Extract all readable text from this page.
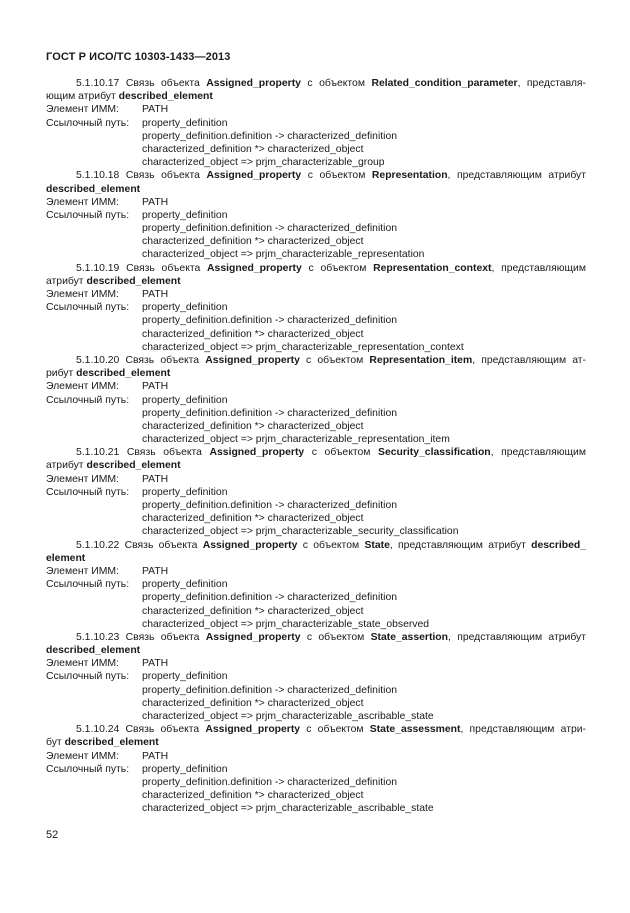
ГОСТ Р ИСО/ТС 10303-1433—2013
5.1.10.17 Связь объекта Assigned_property с объектом Related_condition_parameter, представля-
ющим атрибут described_element
Элемент ИММ:	PATH
Ссылочный путь:	property_definition
property_definition.definition -> characterized_definition
characterized_definition *> characterized_object
characterized_object => prjm_characterizable_group
5.1.10.18 Связь объекта Assigned_property с объектом Representation, представляющим атрибут
described_element
Элемент ИММ:	PATH
Ссылочный путь:	property_definition
property_definition.definition -> characterized_definition
characterized_definition *> characterized_object
characterized_object => prjm_characterizable_representation
5.1.10.19 Связь объекта Assigned_property с объектом Representation_context, представляющим
атрибут described_element
Элемент ИММ:	PATH
Ссылочный путь:	property_definition
property_definition.definition -> characterized_definition
characterized_definition *> characterized_object
characterized_object => prjm_characterizable_representation_context
5.1.10.20 Связь объекта Assigned_property с объектом Representation_item, представляющим ат-
рибут described_element
Элемент ИММ:	PATH
Ссылочный путь:	property_definition
property_definition.definition -> characterized_definition
characterized_definition *> characterized_object
characterized_object => prjm_characterizable_representation_item
5.1.10.21 Связь объекта Assigned_property с объектом Security_classification, представляющим
атрибут described_element
Элемент ИММ:	PATH
Ссылочный путь:	property_definition
property_definition.definition -> characterized_definition
characterized_definition *> characterized_object
characterized_object => prjm_characterizable_security_classification
5.1.10.22 Связь объекта Assigned_property с объектом State, представляющим атрибут described_
element
Элемент ИММ:	PATH
Ссылочный путь:	property_definition
property_definition.definition -> characterized_definition
characterized_definition *> characterized_object
characterized_object => prjm_characterizable_state_observed
5.1.10.23 Связь объекта Assigned_property с объектом State_assertion, представляющим атрибут
described_element
Элемент ИММ:	PATH
Ссылочный путь:	property_definition
property_definition.definition -> characterized_definition
characterized_definition *> characterized_object
characterized_object => prjm_characterizable_ascribable_state
5.1.10.24 Связь объекта Assigned_property с объектом State_assessment, представляющим атри-
бут described_element
Элемент ИММ:	PATH
Ссылочный путь:	property_definition
property_definition.definition -> characterized_definition
characterized_definition *> characterized_object
characterized_object => prjm_characterizable_ascribable_state
52
